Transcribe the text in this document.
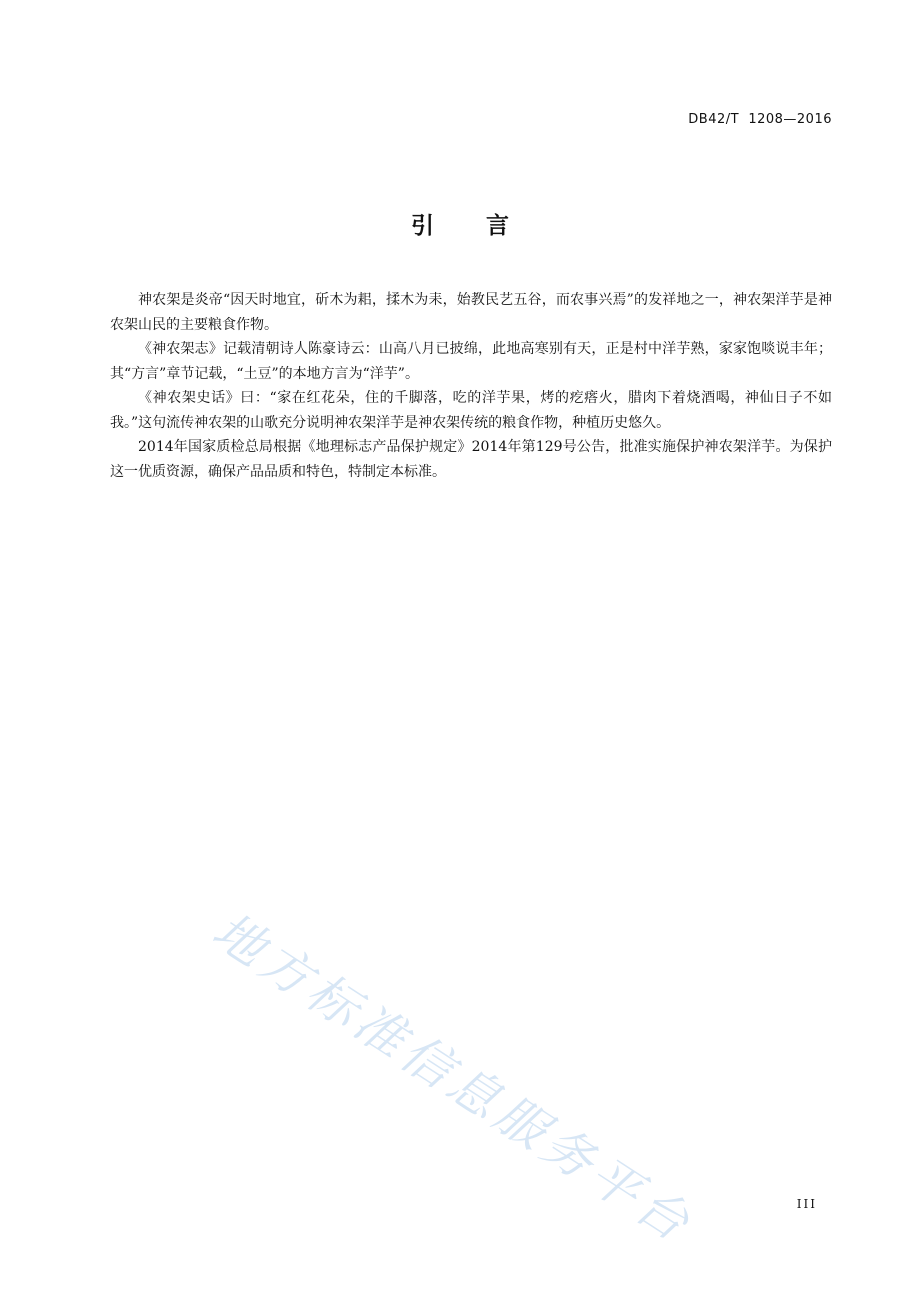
DB42/T  1208—2016
引 言

神农架是炎帝“因天时地宜，斫木为耜，揉木为耒，始教民艺五谷，而农事兴焉”的发祥地之一，神农架洋芋是神农架山民的主要粮食作物。

《神农架志》记载清朝诗人陈豪诗云：山高八月已披绵，此地高寒别有天，正是村中洋芋熟，家家饱啖说丰年；其“方言”章节记载，“土豆”的本地方言为“洋芋”。

《神农架史话》曰：“家在红花朵，住的千脚落，吃的洋芋果，烤的疙瘩火，腊肉下着烧酒喝，神仙日子不如我。”这句流传神农架的山歌充分说明神农架洋芋是神农架传统的粮食作物，种植历史悠久。

2014年国家质检总局根据《地理标志产品保护规定》2014年第129号公告，批准实施保护神农架洋芋。为保护这一优质资源，确保产品品质和特色，特制定本标准。

地方标准信息服务平台	III
